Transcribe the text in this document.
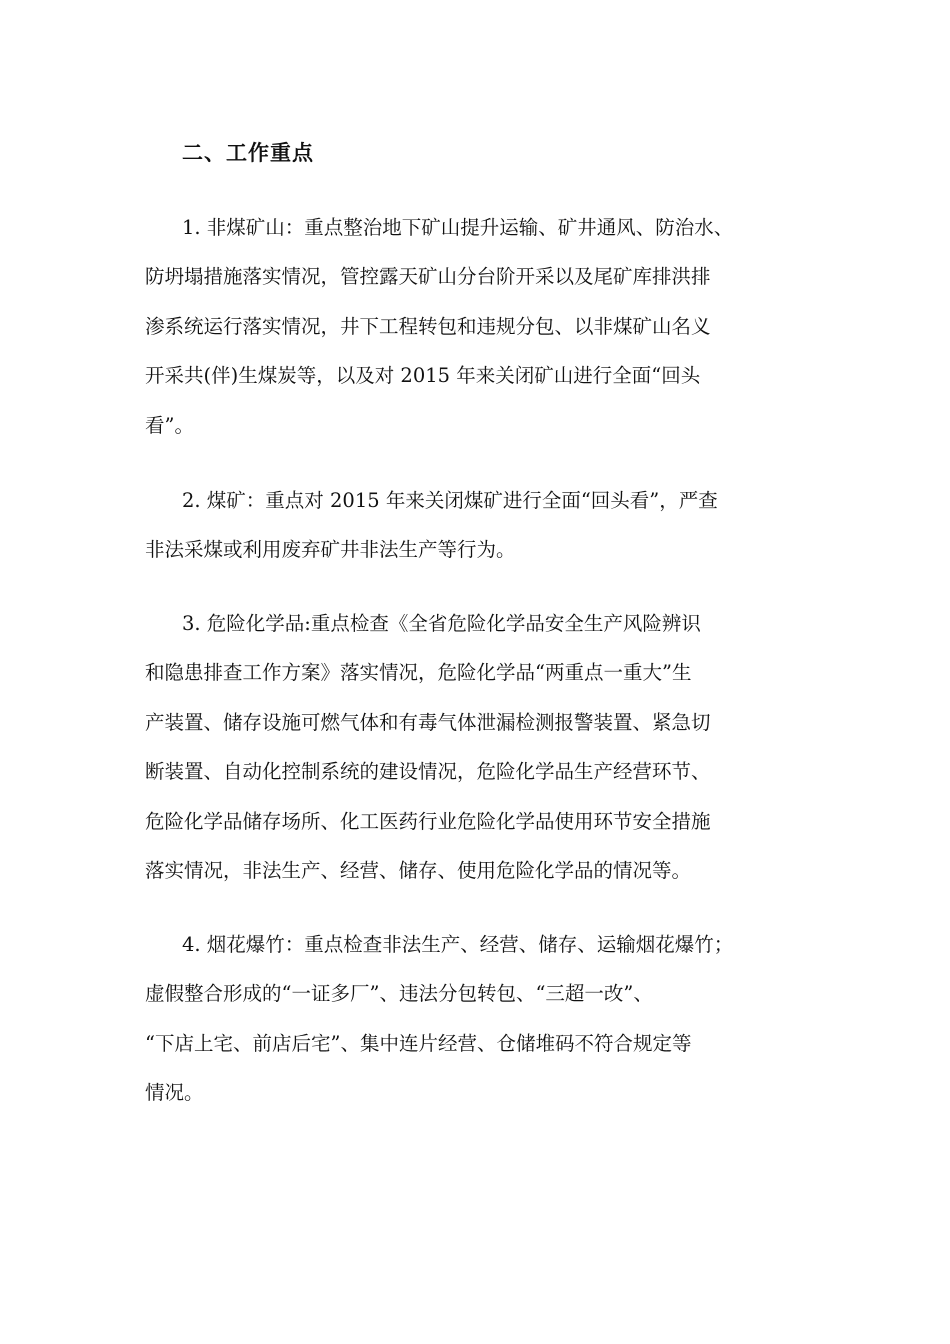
二、工作重点

1. 非煤矿山：重点整治地下矿山提升运输、矿井通风、防治水、
防坍塌措施落实情况，管控露天矿山分台阶开采以及尾矿库排洪排
渗系统运行落实情况，井下工程转包和违规分包、以非煤矿山名义
开采共(伴)生煤炭等，以及对 2015 年来关闭矿山进行全面“回头
看”。

2. 煤矿：重点对 2015 年来关闭煤矿进行全面“回头看”，严查
非法采煤或利用废弃矿井非法生产等行为。

3. 危险化学品:重点检查《全省危险化学品安全生产风险辨识
和隐患排查工作方案》落实情况，危险化学品“两重点一重大”生
产装置、储存设施可燃气体和有毒气体泄漏检测报警装置、紧急切
断装置、自动化控制系统的建设情况，危险化学品生产经营环节、
危险化学品储存场所、化工医药行业危险化学品使用环节安全措施
落实情况，非法生产、经营、储存、使用危险化学品的情况等。

4. 烟花爆竹：重点检查非法生产、经营、储存、运输烟花爆竹；
虚假整合形成的“一证多厂”、违法分包转包、“三超一改”、
“下店上宅、前店后宅”、集中连片经营、仓储堆码不符合规定等
情况。
